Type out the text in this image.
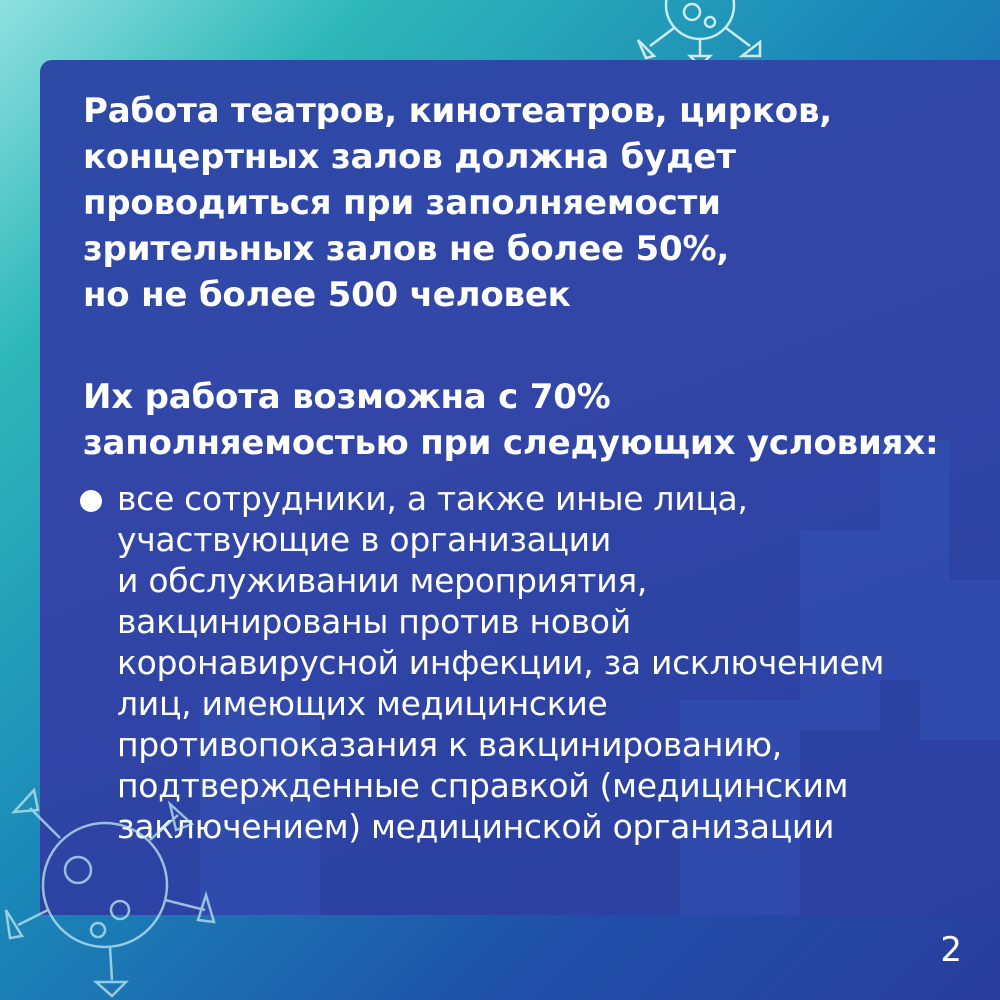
Работа театров, кинотеатров, цирков,
концертных залов должна будет
проводиться при заполняемости
зрительных залов не более 50%,
но не более 500 человек

Их работа возможна с 70%
заполняемостью при следующих условиях:

все сотрудники, а также иные лица,
участвующие в организации
и обслуживании мероприятия,
вакцинированы против новой
коронавирусной инфекции, за исключением
лиц, имеющих медицинские
противопоказания к вакцинированию,
подтвержденные справкой (медицинским
заключением) медицинской организации
2
